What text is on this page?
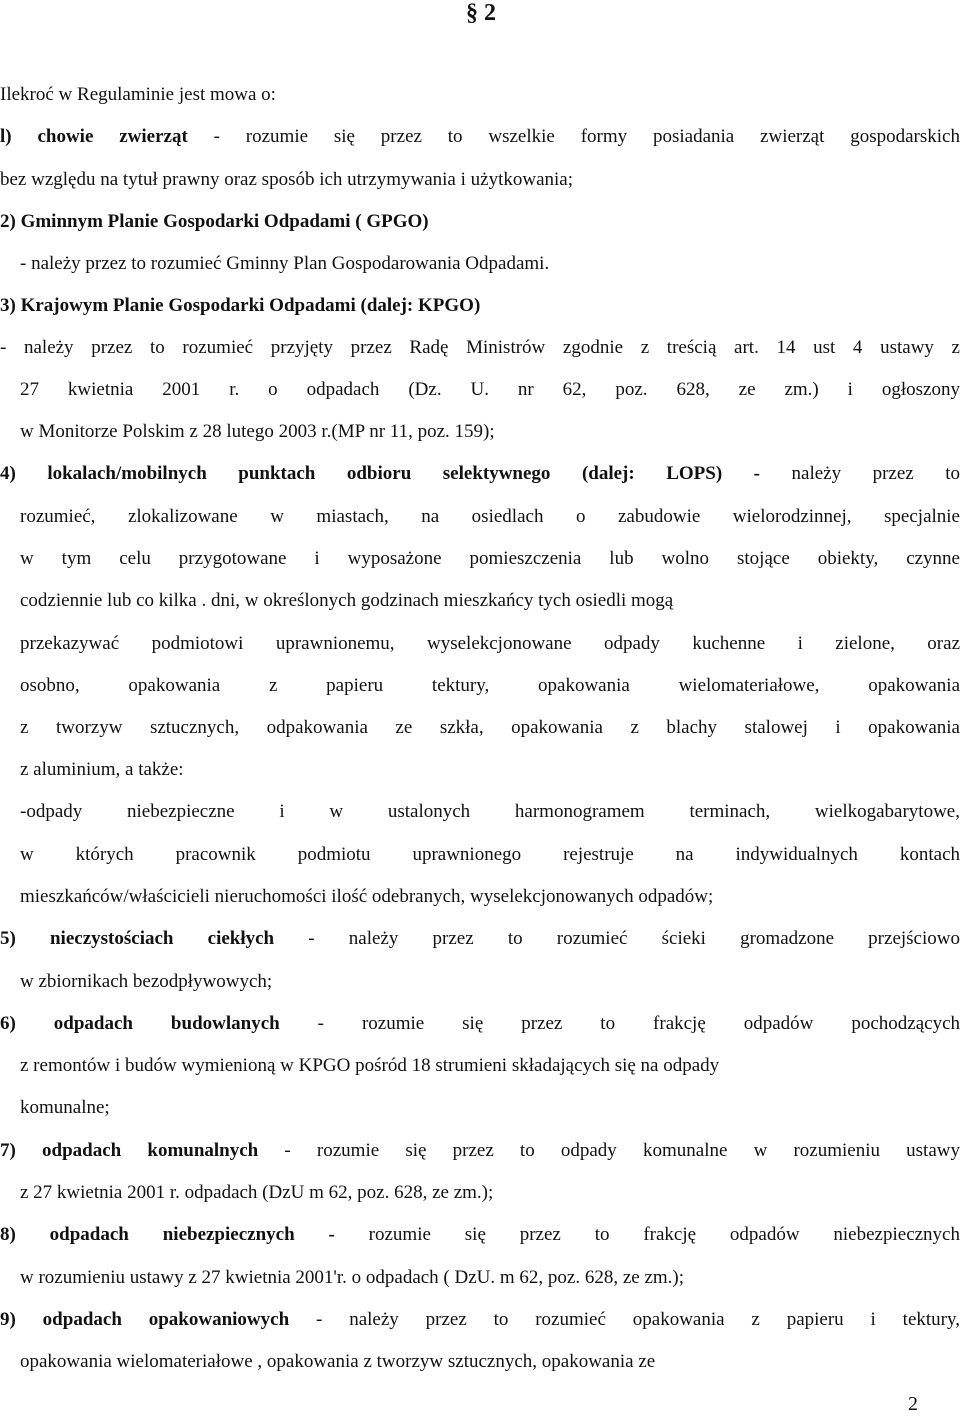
§ 2
Ilekroć w Regulaminie jest mowa o:
l) chowie zwierząt - rozumie się przez to wszelkie formy posiadania zwierząt gospodarskich
bez względu na tytuł prawny oraz sposób ich utrzymywania i użytkowania;
2) Gminnym Planie Gospodarki Odpadami ( GPGO)
- należy przez to rozumieć Gminny Plan Gospodarowania Odpadami.
3) Krajowym Planie Gospodarki Odpadami (dalej: KPGO)
- należy przez to rozumieć przyjęty przez Radę Ministrów zgodnie z treścią art. 14 ust 4 ustawy z
27 kwietnia 2001 r. o odpadach (Dz. U. nr 62, poz. 628, ze zm.) i ogłoszony
w Monitorze Polskim z 28 lutego 2003 r.(MP nr 11, poz. 159);
4) lokalach/mobilnych punktach odbioru selektywnego (dalej: LOPS) - należy przez to
rozumieć, zlokalizowane w miastach, na osiedlach o zabudowie wielorodzinnej, specjalnie
w tym celu przygotowane i wyposażone pomieszczenia lub wolno stojące obiekty, czynne
codziennie lub co kilka . dni, w określonych godzinach mieszkańcy tych osiedli mogą
przekazywać podmiotowi uprawnionemu, wyselekcjonowane odpady kuchenne i zielone, oraz
osobno, opakowania z papieru tektury, opakowania wielomateriałowe, opakowania
z tworzyw sztucznych, odpakowania ze szkła, opakowania z blachy stalowej i opakowania
z aluminium, a także:
-odpady niebezpieczne i w ustalonych harmonogramem terminach, wielkogabarytowe,
w których pracownik podmiotu uprawnionego rejestruje na indywidualnych kontach
mieszkańców/właścicieli nieruchomości ilość odebranych, wyselekcjonowanych odpadów;
5) nieczystościach ciekłych - należy przez to rozumieć ścieki gromadzone przejściowo
w zbiornikach bezodpływowych;
6) odpadach budowlanych - rozumie się przez to frakcję odpadów pochodzących
z remontów i budów wymienioną w KPGO pośród 18 strumieni składających się na odpady
komunalne;
7) odpadach komunalnych - rozumie się przez to odpady komunalne w rozumieniu ustawy
z 27 kwietnia 2001 r. odpadach (DzU m 62, poz. 628, ze zm.);
8) odpadach niebezpiecznych - rozumie się przez to frakcję odpadów niebezpiecznych
w rozumieniu ustawy z 27 kwietnia 2001'r. o odpadach ( DzU. m 62, poz. 628, ze zm.);
9) odpadach opakowaniowych - należy przez to rozumieć opakowania z papieru i tektury,
opakowania wielomateriałowe , opakowania z tworzyw sztucznych, opakowania ze
2
